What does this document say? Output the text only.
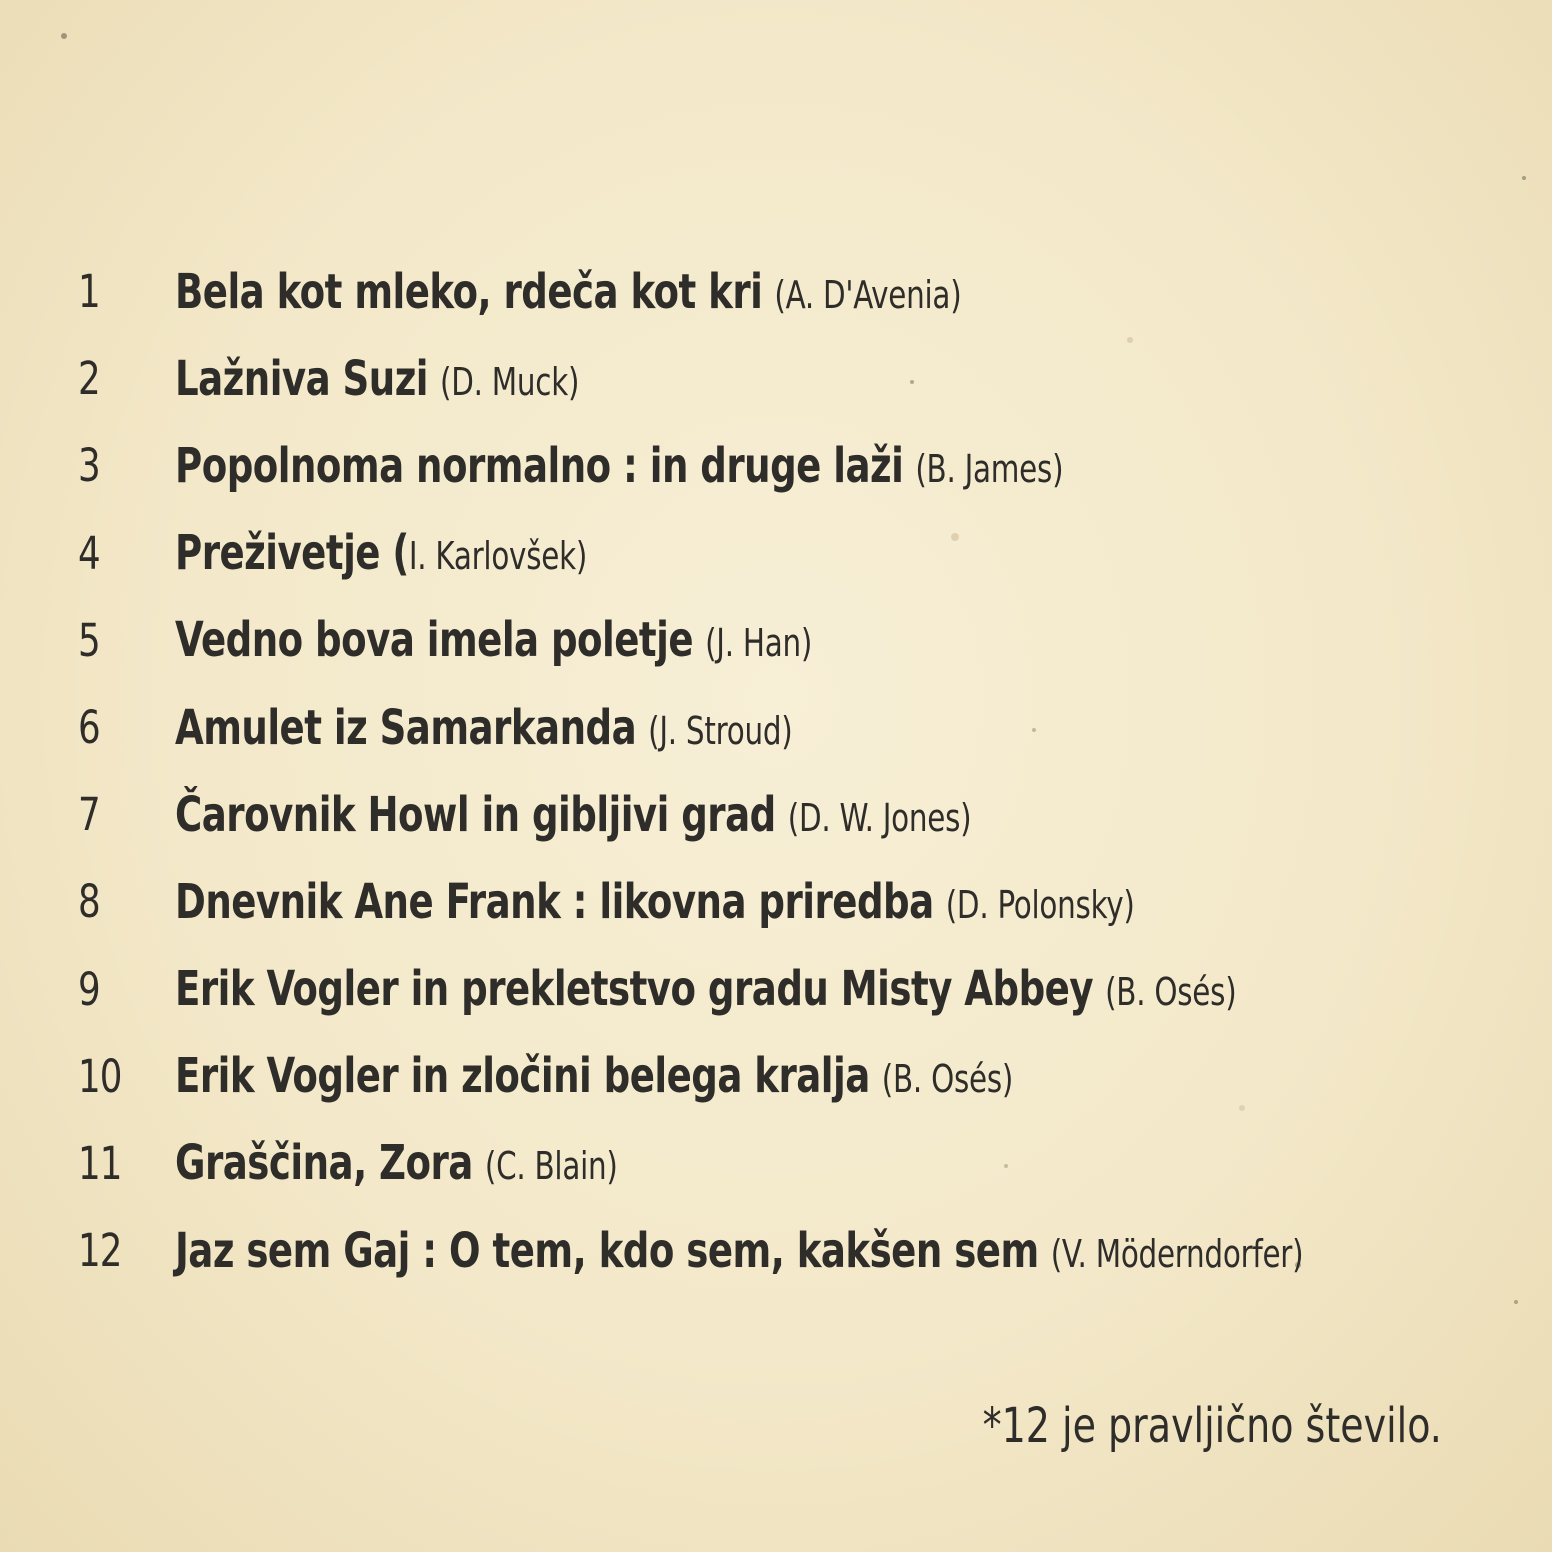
1	Bela kot mleko, rdeča kot kri (A. D'Avenia)
2	Lažniva Suzi (D. Muck)
3	Popolnoma normalno : in druge laži (B. James)
4	Preživetje ( I. Karlovšek)
5	Vedno bova imela poletje (J. Han)
6	Amulet iz Samarkanda (J. Stroud)
7	Čarovnik Howl in gibljivi grad (D. W. Jones)
8	Dnevnik Ane Frank : likovna priredba (D. Polonsky)
9	Erik Vogler in prekletstvo gradu Misty Abbey (B. Osés)
10	Erik Vogler in zločini belega kralja (B. Osés)
11	Graščina, Zora (C. Blain)
12	Jaz sem Gaj : O tem, kdo sem, kakšen sem (V. Möderndorfer)

*12 je pravljično število.
